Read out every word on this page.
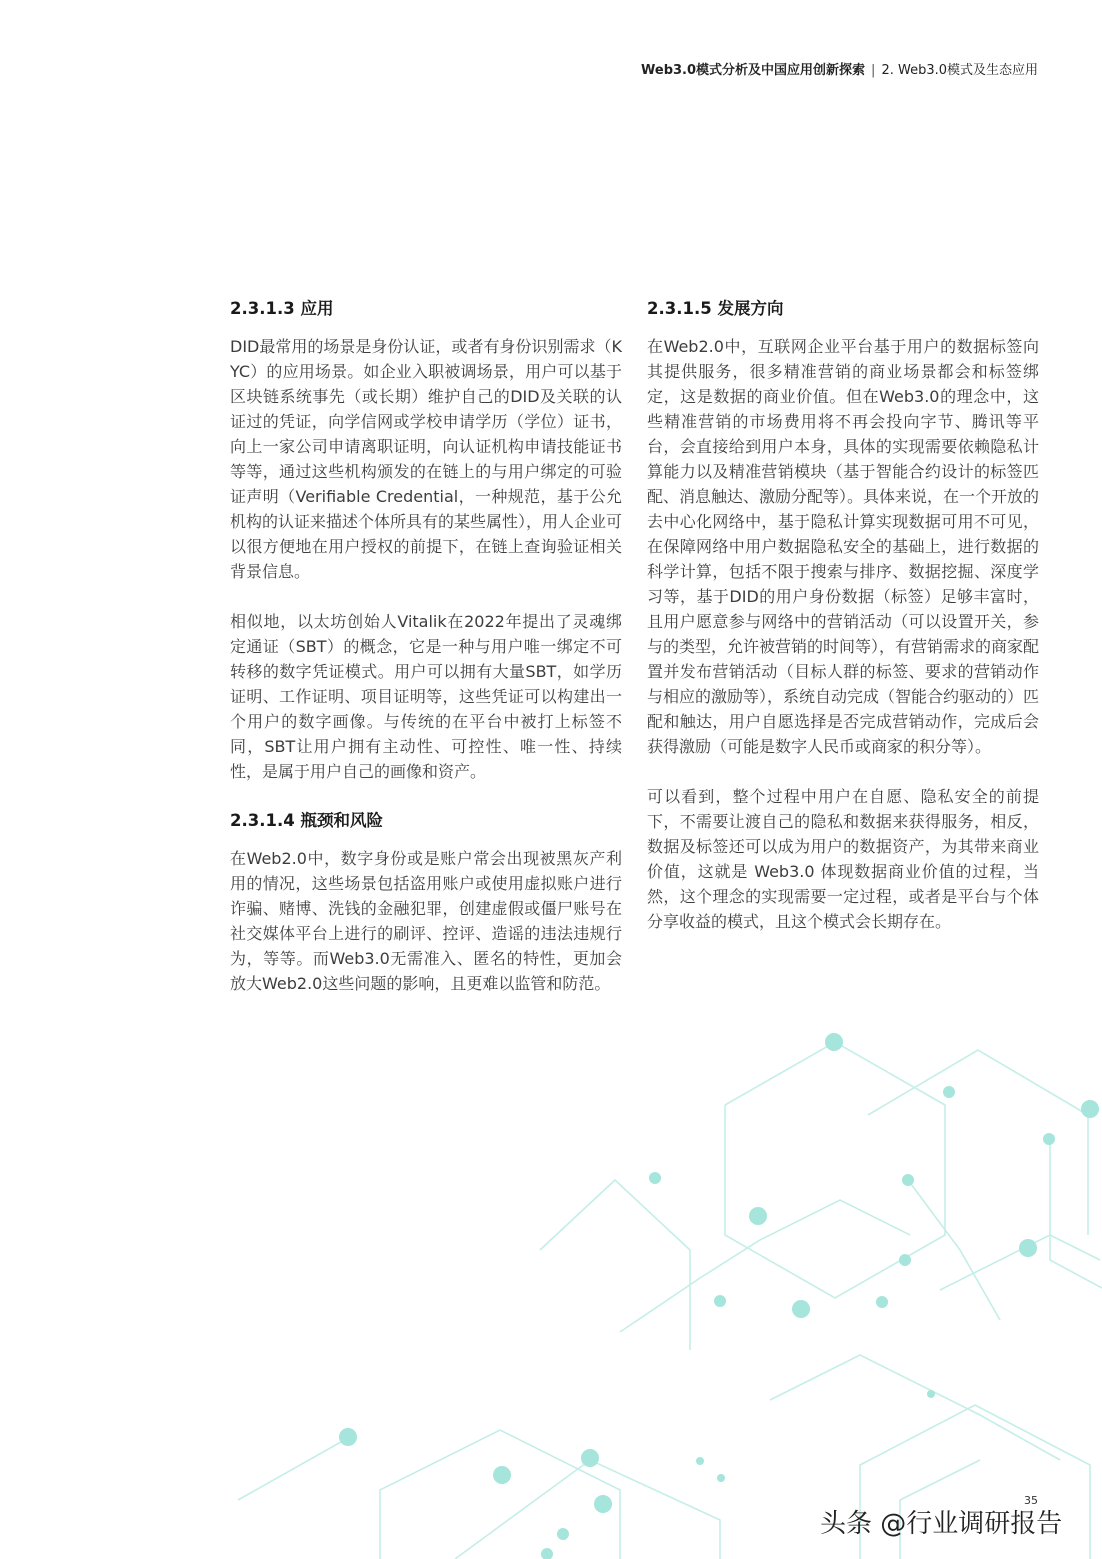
Web3.0模式分析及中国应用创新探索 | 2. Web3.0模式及生态应用
2.3.1.3 应用

DID最常用的场景是身份认证，或者有身份识别需求（KYC）的应用场景。如企业入职被调场景，用户可以基于区块链系统事先（或长期）维护自己的DID及关联的认证过的凭证，向学信网或学校申请学历（学位）证书，向上一家公司申请离职证明，向认证机构申请技能证书等等，通过这些机构颁发的在链上的与用户绑定的可验证声明（Verifiable Credential，一种规范，基于公允机构的认证来描述个体所具有的某些属性），用人企业可以很方便地在用户授权的前提下，在链上查询验证相关背景信息。

相似地，以太坊创始人Vitalik在2022年提出了灵魂绑定通证（SBT）的概念，它是一种与用户唯一绑定不可转移的数字凭证模式。用户可以拥有大量SBT，如学历证明、工作证明、项目证明等，这些凭证可以构建出一个用户的数字画像。与传统的在平台中被打上标签不同，SBT让用户拥有主动性、可控性、唯一性、持续性，是属于用户自己的画像和资产。

2.3.1.4 瓶颈和风险

在Web2.0中，数字身份或是账户常会出现被黑灰产利用的情况，这些场景包括盗用账户或使用虚拟账户进行诈骗、赌博、洗钱的金融犯罪，创建虚假或僵尸账号在社交媒体平台上进行的刷评、控评、造谣的违法违规行为，等等。而Web3.0无需准入、匿名的特性，更加会放大Web2.0这些问题的影响，且更难以监管和防范。

2.3.1.5 发展方向

在Web2.0中，互联网企业平台基于用户的数据标签向其提供服务，很多精准营销的商业场景都会和标签绑定，这是数据的商业价值。但在Web3.0的理念中，这些精准营销的市场费用将不再会投向字节、腾讯等平台，会直接给到用户本身，具体的实现需要依赖隐私计算能力以及精准营销模块（基于智能合约设计的标签匹配、消息触达、激励分配等）。具体来说，在一个开放的去中心化网络中，基于隐私计算实现数据可用不可见，在保障网络中用户数据隐私安全的基础上，进行数据的科学计算，包括不限于搜索与排序、数据挖掘、深度学习等，基于DID的用户身份数据（标签）足够丰富时，且用户愿意参与网络中的营销活动（可以设置开关，参与的类型，允许被营销的时间等），有营销需求的商家配置并发布营销活动（目标人群的标签、要求的营销动作与相应的激励等），系统自动完成（智能合约驱动的）匹配和触达，用户自愿选择是否完成营销动作，完成后会获得激励（可能是数字人民币或商家的积分等）。

可以看到，整个过程中用户在自愿、隐私安全的前提下，不需要让渡自己的隐私和数据来获得服务，相反，数据及标签还可以成为用户的数据资产，为其带来商业价值，这就是 Web3.0 体现数据商业价值的过程，当然，这个理念的实现需要一定过程，或者是平台与个体分享收益的模式，且这个模式会长期存在。

35
头条 @行业调研报告
